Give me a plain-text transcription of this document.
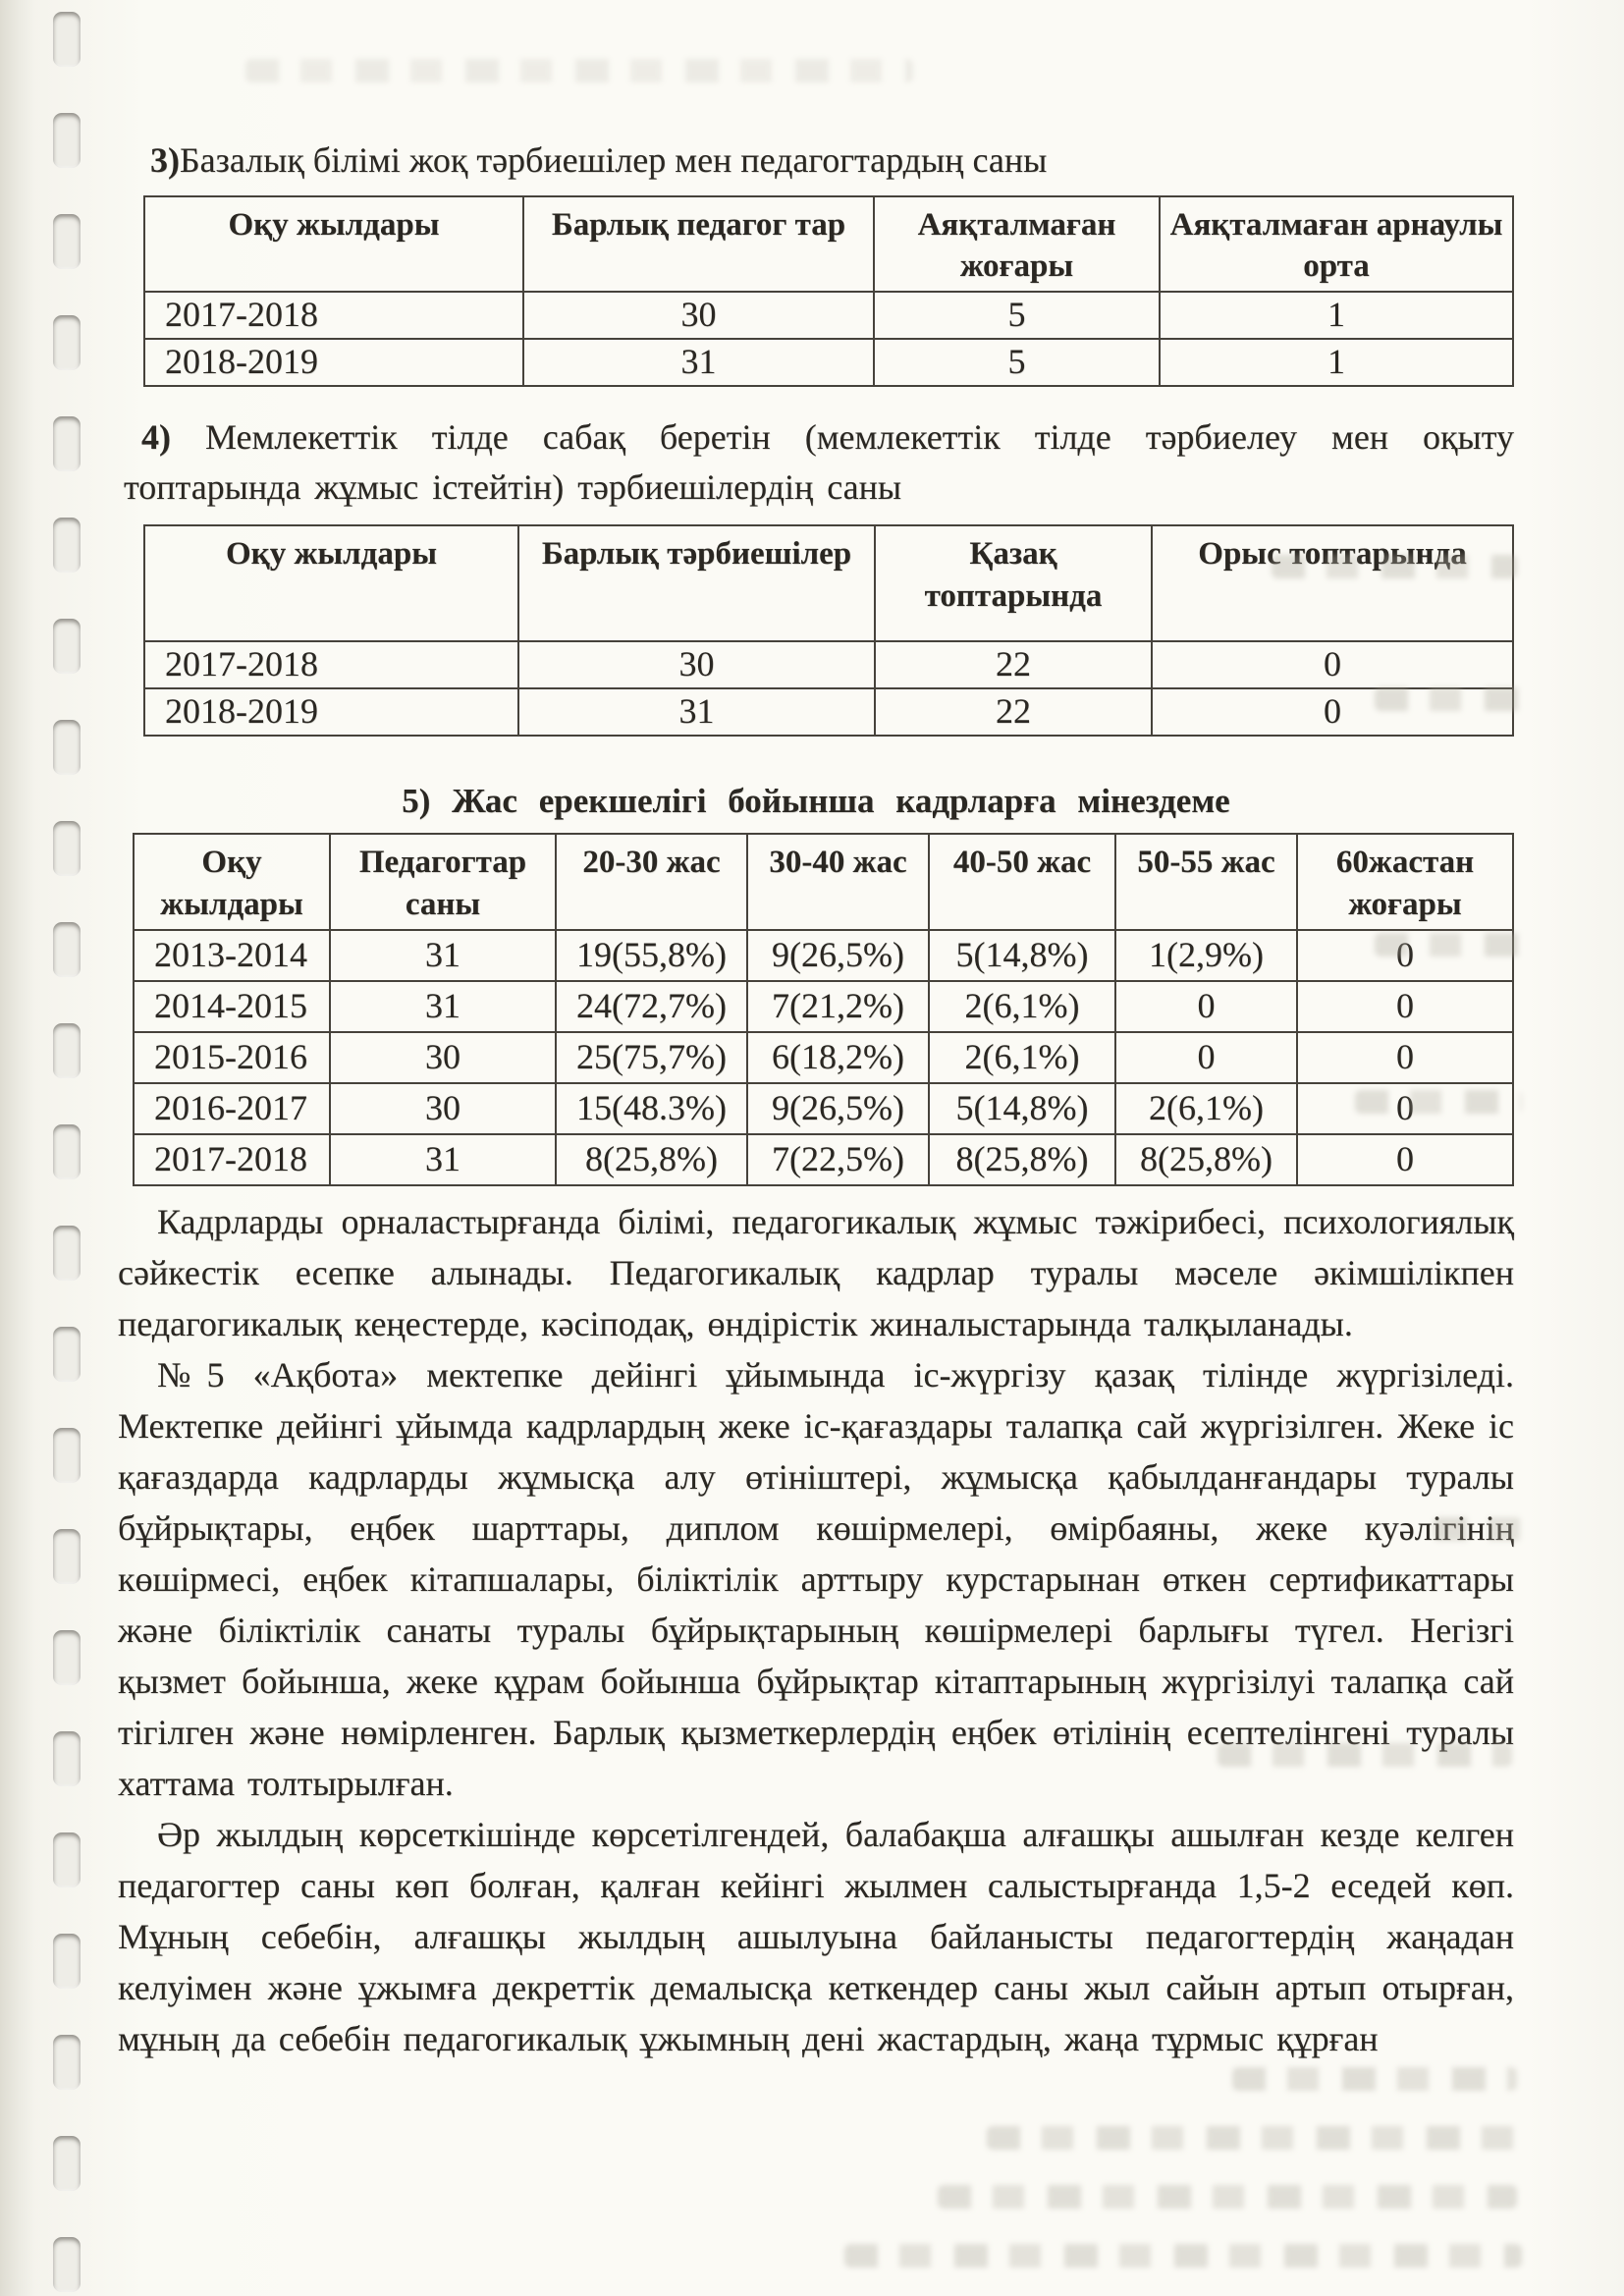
3)Базалық білімі жоқ тәрбиешілер мен педагогтардың саны
Оқу жылдары	Барлық педагог тар	Аяқталмаған жоғары	Аяқталмаған арнаулы орта
2017-2018	30	5	1
2018-2019	31	5	1

4) Мемлекеттік тілде сабақ беретін (мемлекеттік тілде тәрбиелеу мен оқыту топтарында жұмыс істейтін) тәрбиешілердің саны

Оқу жылдары	Барлық тәрбиешілер	Қазақ топтарында	Орыс топтарында
2017-2018	30	22	0
2018-2019	31	22	0
5) Жас ерекшелігі бойынша кадрларға мінездеме
Оқу жылдары	Педагогтар саны	20-30 жас	30-40 жас	40-50 жас	50-55 жас	60жастан жоғары
2013-2014	31	19(55,8%)	9(26,5%)	5(14,8%)	1(2,9%)	0
2014-2015	31	24(72,7%)	7(21,2%)	2(6,1%)	0	0
2015-2016	30	25(75,7%)	6(18,2%)	2(6,1%)	0	0
2016-2017	30	15(48.3%)	9(26,5%)	5(14,8%)	2(6,1%)	0
2017-2018	31	8(25,8%)	7(22,5%)	8(25,8%)	8(25,8%)	0

Кадрларды орналастырғанда білімі, педагогикалық жұмыс тәжірибесі, психологиялық сәйкестік есепке алынады. Педагогикалық кадрлар туралы мәселе әкімшілікпен педагогикалық кеңестерде, кәсіподақ, өндірістік жиналыстарында талқыланады.

№5 «Ақбота» мектепке дейінгі ұйымында іс-жүргізу қазақ тілінде жүргізіледі. Мектепке дейінгі ұйымда кадрлардың жеке іс-қағаздары талапқа сай жүргізілген. Жеке іс қағаздарда кадрларды жұмысқа алу өтініштері, жұмысқа қабылданғандары туралы бұйрықтары, еңбек шарттары, диплом көшірмелері, өмірбаяны, жеке куәлігінің көшірмесі, еңбек кітапшалары, біліктілік арттыру курстарынан өткен сертификаттары және біліктілік санаты туралы бұйрықтарының көшірмелері барлығы түгел. Негізгі қызмет бойынша, жеке құрам бойынша бұйрықтар кітаптарының жүргізілуі талапқа сай тігілген және нөмірленген. Барлық қызметкерлердің еңбек өтілінің есептелінгені туралы хаттама толтырылған.

Әр жылдың көрсеткішінде көрсетілгендей, балабақша алғашқы ашылған кезде келген педагогтер саны көп болған, қалған кейінгі жылмен салыстырғанда 1,5-2 еседей көп. Мұның себебін, алғашқы жылдың ашылуына байланысты педагогтердің жаңадан келуімен және ұжымға декреттік демалысқа кеткендер саны жыл сайын артып отырған, мұның да себебін педагогикалық ұжымның дені жастардың, жаңа тұрмыс құрған
